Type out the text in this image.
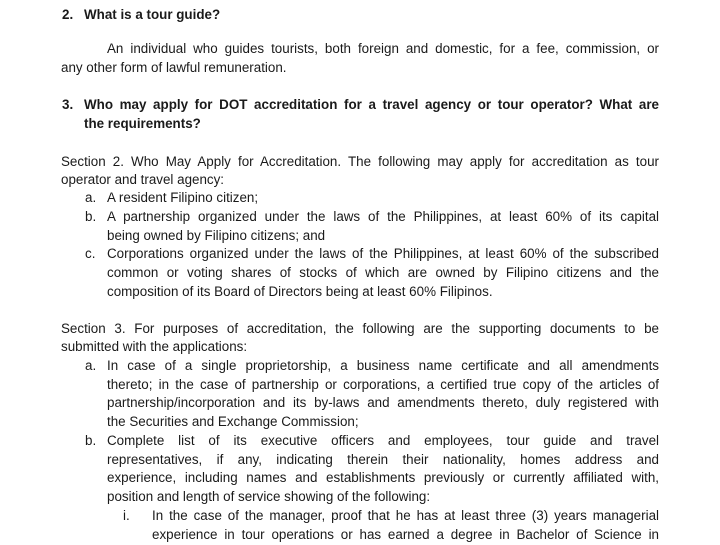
2. What is a tour guide?
An individual who guides tourists, both foreign and domestic, for a fee, commission, or
any other form of lawful remuneration.
3. Who may apply for DOT accreditation for a travel agency or tour operator? What are
the requirements?
Section 2. Who May Apply for Accreditation. The following may apply for accreditation as tour
operator and travel agency:
a. A resident Filipino citizen;
b. A partnership organized under the laws of the Philippines, at least 60% of its capital
being owned by Filipino citizens; and
c. Corporations organized under the laws of the Philippines, at least 60% of the subscribed
common or voting shares of stocks of which are owned by Filipino citizens and the
composition of its Board of Directors being at least 60% Filipinos.
Section 3. For purposes of accreditation, the following are the supporting documents to be
submitted with the applications:
a. In case of a single proprietorship, a business name certificate and all amendments
thereto; in the case of partnership or corporations, a certified true copy of the articles of
partnership/incorporation and its by-laws and amendments thereto, duly registered with
the Securities and Exchange Commission;
b. Complete list of its executive officers and employees, tour guide and travel
representatives, if any, indicating therein their nationality, homes address and
experience, including names and establishments previously or currently affiliated with,
position and length of service showing of the following:
i. In the case of the manager, proof that he has at least three (3) years managerial
experience in tour operations or has earned a degree in Bachelor of Science in
